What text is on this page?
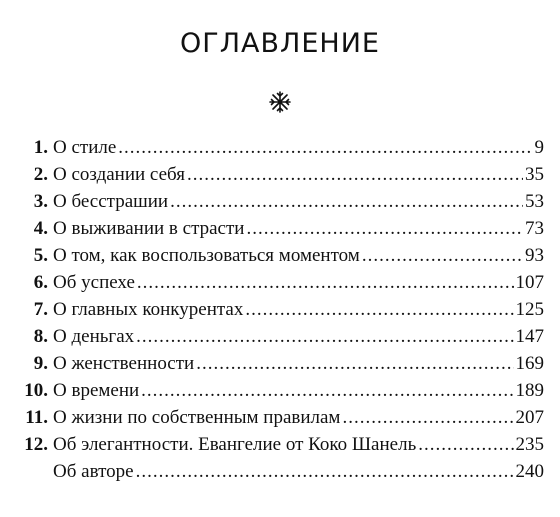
ОГЛАВЛЕНИЕ
1. О стиле .....	9
2. О создании себя .....	35
3. О бесстрашии .....	53
4. О выживании в страсти .....	73
5. О том, как воспользоваться моментом .....	93
6. Об успехе .....	107
7. О главных конкурентах .....	125
8. О деньгах .....	147
9. О женственности .....	169
10. О времени .....	189
11. О жизни по собственным правилам .....	207
12. Об элегантности. Евангелие от Коко Шанель .....	235
Об авторе .....	240
